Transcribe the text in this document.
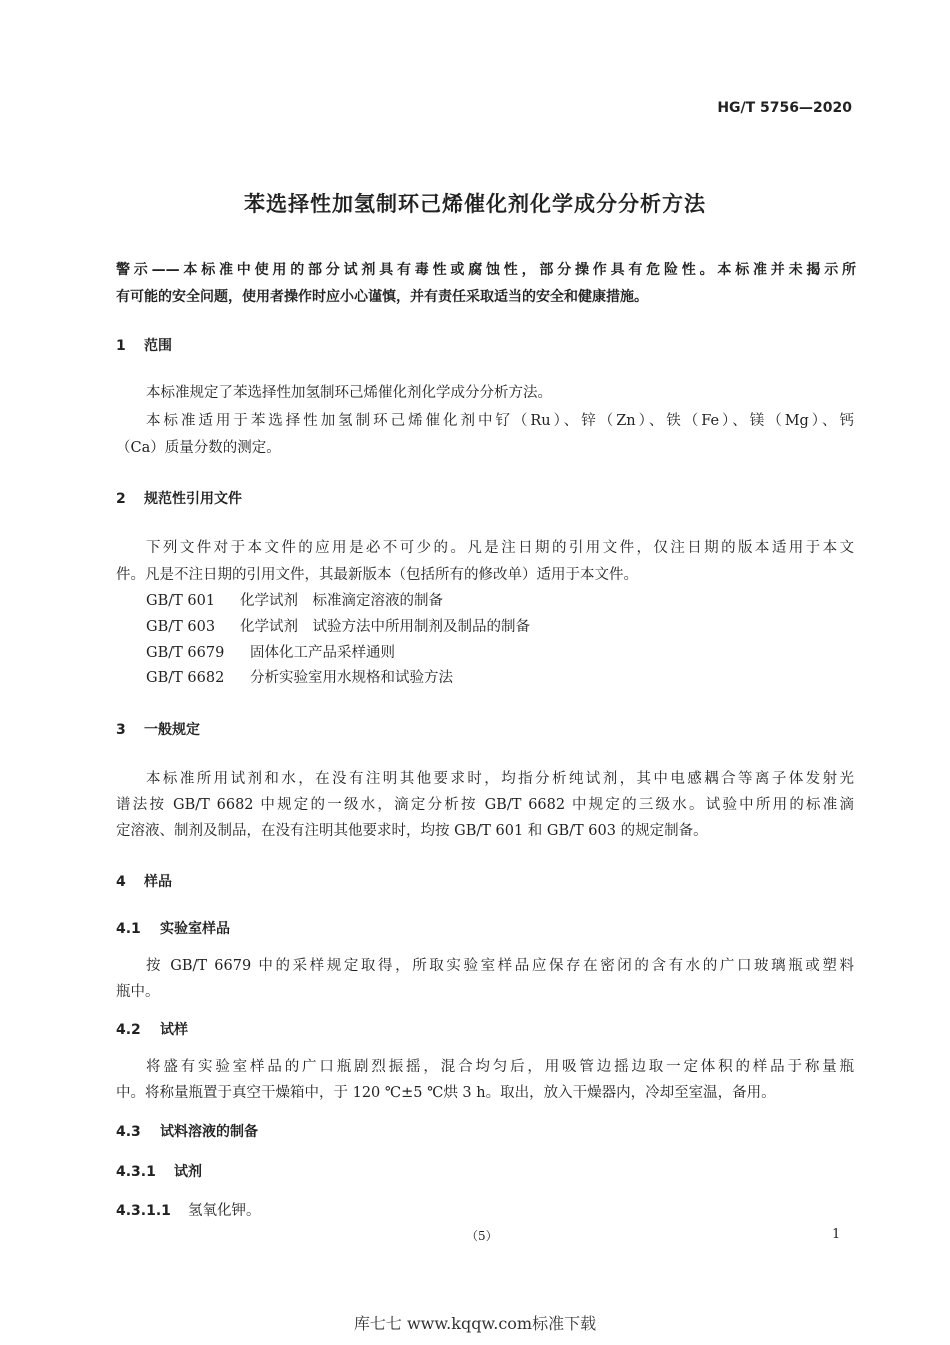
HG/T 5756—2020
苯选择性加氢制环己烯催化剂化学成分分析方法
警示——本标准中使用的部分试剂具有毒性或腐蚀性，部分操作具有危险性。本标准并未揭示所
有可能的安全问题，使用者操作时应小心谨慎，并有责任采取适当的安全和健康措施。
1 范围
本标准规定了苯选择性加氢制环己烯催化剂化学成分分析方法。
本标准适用于苯选择性加氢制环己烯催化剂中钌（Ru）、锌（Zn）、铁（Fe）、镁（Mg）、钙
（Ca）质量分数的测定。
2 规范性引用文件
下列文件对于本文件的应用是必不可少的。凡是注日期的引用文件，仅注日期的版本适用于本文
件。凡是不注日期的引用文件，其最新版本（包括所有的修改单）适用于本文件。
GB/T 601 化学试剂　标准滴定溶液的制备
GB/T 603 化学试剂　试验方法中所用制剂及制品的制备
GB/T 6679 固体化工产品采样通则
GB/T 6682 分析实验室用水规格和试验方法
3 一般规定
本标准所用试剂和水，在没有注明其他要求时，均指分析纯试剂，其中电感耦合等离子体发射光
谱法按 GB/T 6682 中规定的一级水，滴定分析按 GB/T 6682 中规定的三级水。试验中所用的标准滴
定溶液、制剂及制品，在没有注明其他要求时，均按 GB/T 601 和 GB/T 603 的规定制备。
4 样品
4.1 实验室样品
按 GB/T 6679 中的采样规定取得，所取实验室样品应保存在密闭的含有水的广口玻璃瓶或塑料
瓶中。
4.2 试样
将盛有实验室样品的广口瓶剧烈振摇，混合均匀后，用吸管边摇边取一定体积的样品于称量瓶
中。将称量瓶置于真空干燥箱中，于 120 ℃±5 ℃烘 3 h。取出，放入干燥器内，冷却至室温，备用。
4.3 试料溶液的制备
4.3.1 试剂
4.3.1.1 氢氧化钾。
（5）	1
库七七 www.kqqw.com标准下载
